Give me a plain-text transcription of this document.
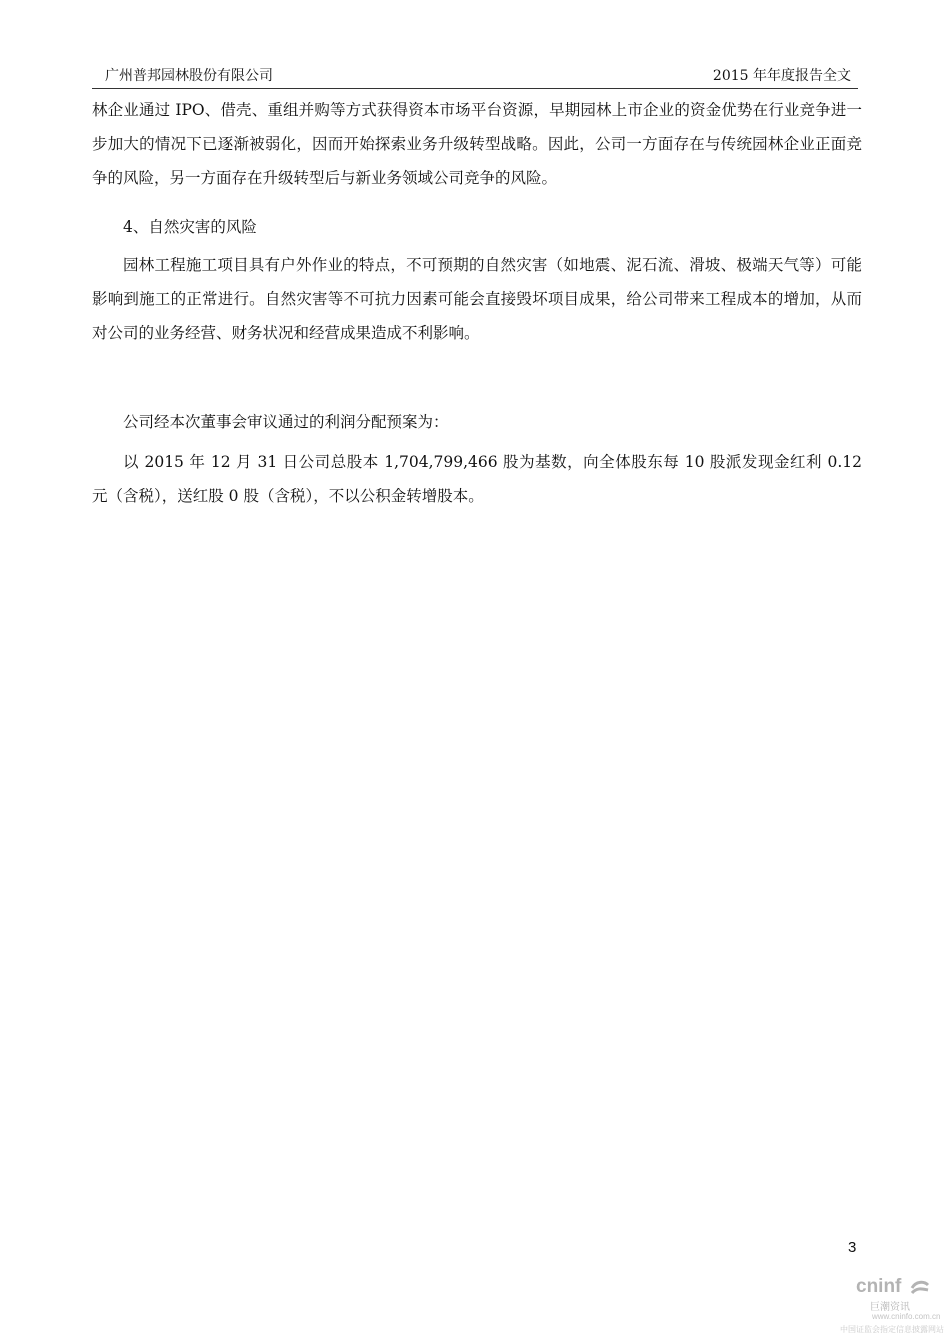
广州普邦园林股份有限公司	2015 年年度报告全文

林企业通过 IPO、借壳、重组并购等方式获得资本市场平台资源，早期园林上市企业的资金优势在行业竞争进一步加大的情况下已逐渐被弱化，因而开始探索业务升级转型战略。因此，公司一方面存在与传统园林企业正面竞争的风险，另一方面存在升级转型后与新业务领域公司竞争的风险。

4、自然灾害的风险

园林工程施工项目具有户外作业的特点，不可预期的自然灾害（如地震、泥石流、滑坡、极端天气等）可能影响到施工的正常进行。自然灾害等不可抗力因素可能会直接毁坏项目成果，给公司带来工程成本的增加，从而对公司的业务经营、财务状况和经营成果造成不利影响。

公司经本次董事会审议通过的利润分配预案为：

以 2015 年 12 月 31 日公司总股本 1,704,799,466 股为基数，向全体股东每 10 股派发现金红利 0.12 元（含税），送红股 0 股（含税），不以公积金转增股本。

3
cninf
巨潮资讯
www.cninfo.com.cn
中国证监会指定信息披露网站
